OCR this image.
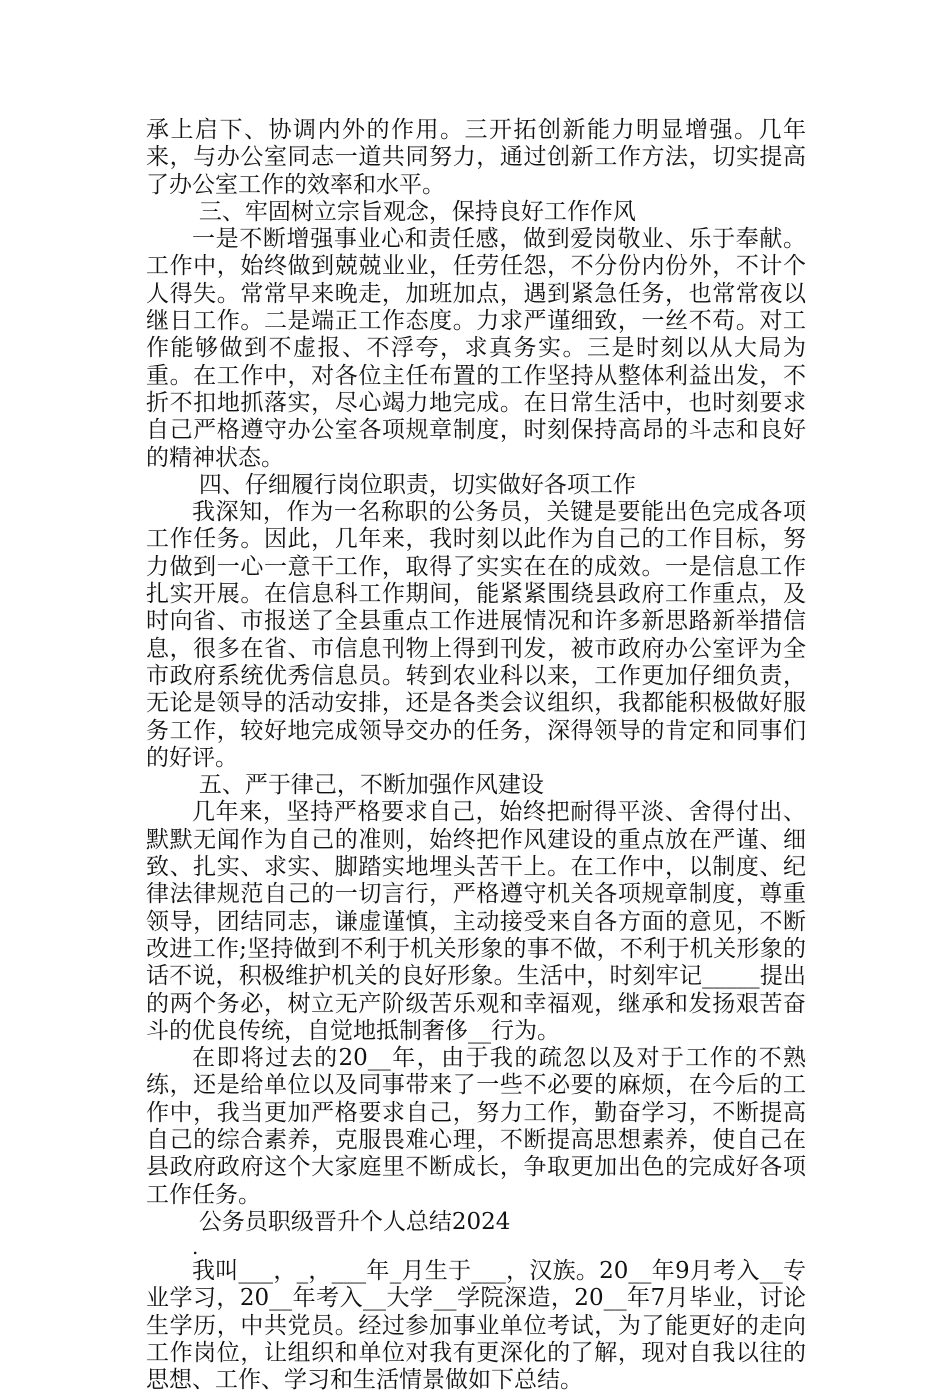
承上启下、协调内外的作用。三开拓创新能力明显增强。几年来，与办公室同志一道共同努力，通过创新工作方法，切实提高了办公室工作的效率和水平。

三、牢固树立宗旨观念，保持良好工作作风

一是不断增强事业心和责任感，做到爱岗敬业、乐于奉献。工作中，始终做到兢兢业业，任劳任怨，不分份内份外，不计个人得失。常常早来晚走，加班加点，遇到紧急任务，也常常夜以继日工作。二是端正工作态度。力求严谨细致，一丝不苟。对工作能够做到不虚报、不浮夸，求真务实。三是时刻以从大局为重。在工作中，对各位主任布置的工作坚持从整体利益出发，不折不扣地抓落实，尽心竭力地完成。在日常生活中，也时刻要求自己严格遵守办公室各项规章制度，时刻保持高昂的斗志和良好的精神状态。

四、仔细履行岗位职责，切实做好各项工作

我深知，作为一名称职的公务员，关键是要能出色完成各项工作任务。因此，几年来，我时刻以此作为自己的工作目标，努力做到一心一意干工作，取得了实实在在的成效。一是信息工作扎实开展。在信息科工作期间，能紧紧围绕县政府工作重点，及时向省、市报送了全县重点工作进展情况和许多新思路新举措信息，很多在省、市信息刊物上得到刊发，被市政府办公室评为全市政府系统优秀信息员。转到农业科以来，工作更加仔细负责，无论是领导的活动安排，还是各类会议组织，我都能积极做好服务工作，较好地完成领导交办的任务，深得领导的肯定和同事们的好评。

五、严于律己，不断加强作风建设

几年来，坚持严格要求自己，始终把耐得平淡、舍得付出、默默无闻作为自己的准则，始终把作风建设的重点放在严谨、细致、扎实、求实、脚踏实地埋头苦干上。在工作中，以制度、纪律法律规范自己的一切言行，严格遵守机关各项规章制度，尊重领导，团结同志，谦虚谨慎，主动接受来自各方面的意见，不断改进工作;坚持做到不利于机关形象的事不做，不利于机关形象的话不说，积极维护机关的良好形象。生活中，时刻牢记_____提出的两个务必，树立无产阶级苦乐观和幸福观，继承和发扬艰苦奋斗的优良传统，自觉地抵制奢侈__行为。

在即将过去的20__年，由于我的疏忽以及对于工作的不熟练，还是给单位以及同事带来了一些不必要的麻烦，在今后的工作中，我当更加严格要求自己，努力工作，勤奋学习，不断提高自己的综合素养，克服畏难心理，不断提高思想素养，使自己在县政府政府这个大家庭里不断成长，争取更加出色的完成好各项工作任务。

公务员职级晋升个人总结2024

.

我叫___，_，___年_月生于___，汉族。20__年9月考入__专业学习，20__年考入__大学__学院深造，20__年7月毕业，讨论生学历，中共党员。经过参加事业单位考试，为了能更好的走向工作岗位，让组织和单位对我有更深化的了解，现对自我以往的思想、工作、学习和生活情景做如下总结。
